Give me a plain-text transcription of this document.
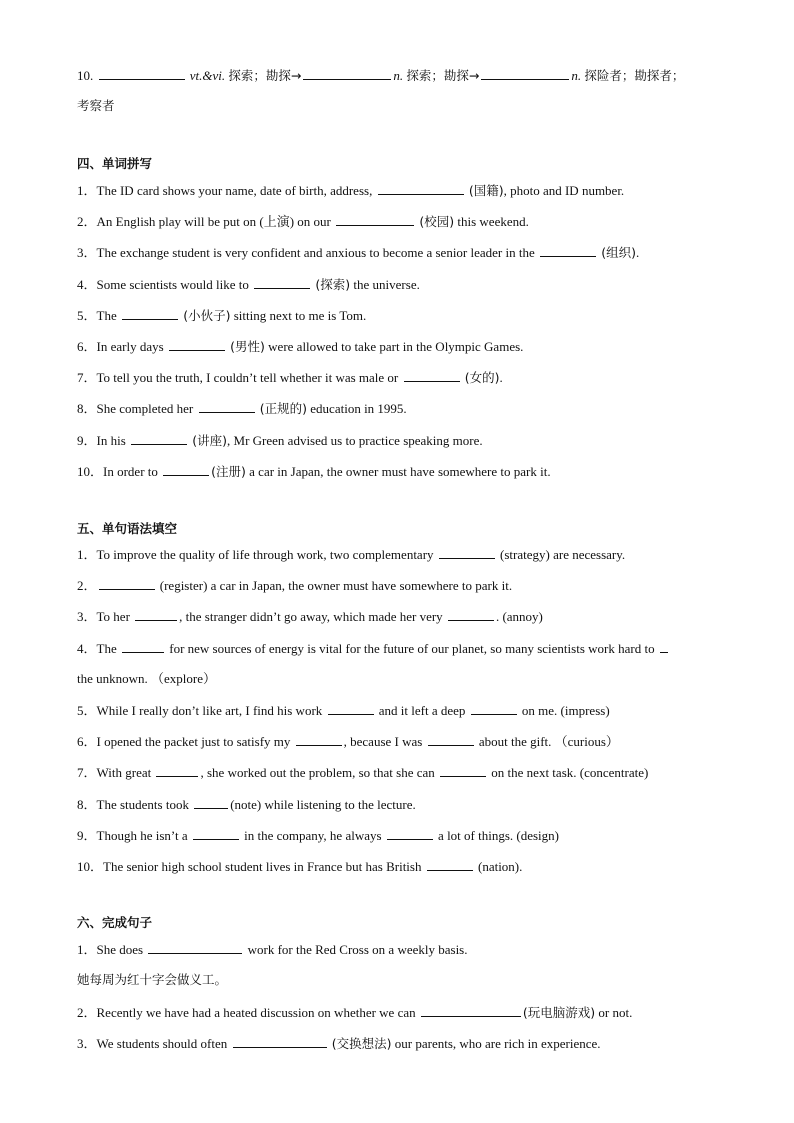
10.	vt.&vi. 探索；勘探→	n. 探索；勘探→	n. 探险者；勘探者；
考察者
四、单词拼写
1．The ID card shows your name, date of birth, address,	(国籍), photo and ID number.
2．An English play will be put on (上演) on our	(校园) this weekend.
3．The exchange student is very confident and anxious to become a senior leader in the	(组织).
4．Some scientists would like to	(探索) the universe.
5．The	(小伙子) sitting next to me is Tom.
6．In early days	(男性) were allowed to take part in the Olympic Games.
7．To tell you the truth, I couldn’t tell whether it was male or	(女的).
8．She completed her	(正规的) education in 1995.
9．In his	(讲座), Mr Green advised us to practice speaking more.
10．In order to	(注册) a car in Japan, the owner must have somewhere to park it.
五、单句语法填空
1．To improve the quality of life through work, two complementary	(strategy) are necessary.
2．	(register) a car in Japan, the owner must have somewhere to park it.
3．To her	, the stranger didn’t go away, which made her very	. (annoy)
4．The	for new sources of energy is vital for the future of our planet, so many scientists work hard to
the unknown. （explore）
5．While I really don’t like art, I find his work	and it left a deep	on me. (impress)
6．I opened the packet just to satisfy my	, because I was	about the gift. （curious）
7．With great	, she worked out the problem, so that she can	on the next task. (concentrate)
8．The students took	(note) while listening to the lecture.
9．Though he isn’t a	in the company, he always	a lot of things. (design)
10．The senior high school student lives in France but has British	(nation).
六、完成句子
1．She does	work for the Red Cross on a weekly basis.
她每周为红十字会做义工。
2．Recently we have had a heated discussion on whether we can	(玩电脑游戏) or not.
3．We students should often	(交换想法) our parents, who are rich in experience.
